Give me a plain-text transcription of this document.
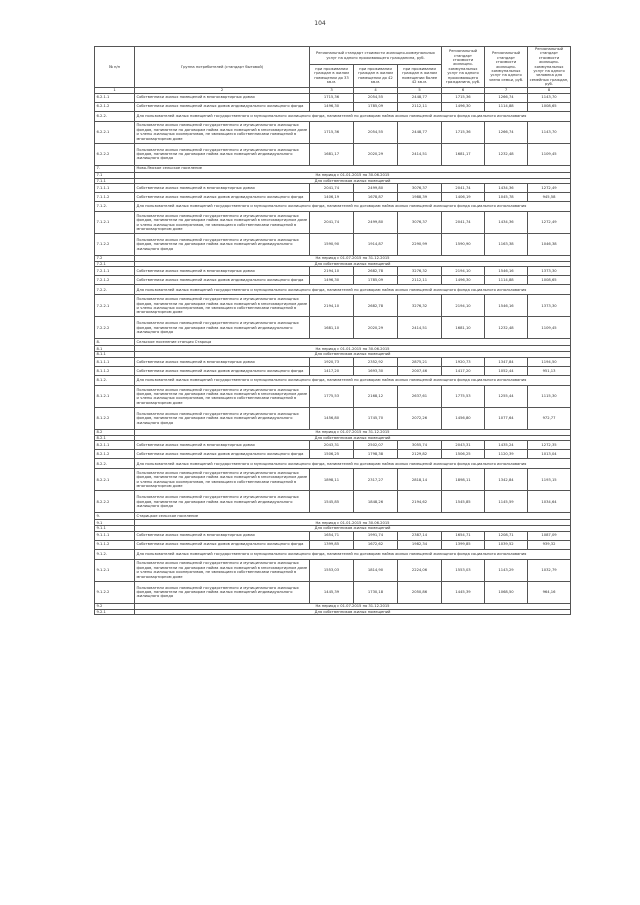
104
№ п/п	Группа потребителей (стандарт бытовой)	Региональный стандарт стоимости жилищно-коммунальных услуг на одного проживающего гражданина, руб.			Региональный стандарт стоимости жилищно-коммунальных услуг на одного проживающего гражданина, руб.	Региональный стандарт стоимости жилищно-коммунальных услуг на одного члена семьи, руб.	Региональный стандарт стоимости жилищно-коммунальных услуг на одного человека для семейных граждан, руб.
		при проживании граждан в жилом помещении до 33 кв.м.	при проживании граждан в жилом помещении до 42 кв.м.	при проживании граждан в жилом помещении более 42 кв.м.			
1	2	3	4	5	6	7	8
6.2.1.1	Собственники жилых помещений в многоквартирных домах	1715,36	2054,55	2448,77	1715,36	1266,74	1143,70
6.2.1.2	Собственники жилых помещений жилых домов индивидуального жилищного фонда	1496,30	1785,09	2112,11	1496,30	1114,88	1008,65
6.2.2.	Для пользователей жилых помещений государственного и муниципального жилищного фонда, нанимателей по договорам найма жилых помещений жилищного фонда социального использования						
6.2.2.1	Пользователи жилых помещений государственного и муниципального жилищных фондов, наниматели по договорам найма жилых помещений в многоквартирном доме и члены жилищных кооперативов, не являющиеся собственниками помещений в многоквартирном доме	1715,36	2054,55	2448,77	1715,36	1266,74	1143,70
6.2.2.2	Пользователи жилых помещений государственного и муниципального жилищных фондов, наниматели по договорам найма жилых помещений индивидуального жилищного фонда	1681,17	2020,29	2414,51	1681,17	1232,48	1109,45
7.	Ново-Ямское сельское поселение						
7.1	На период с 01.01.2015 по 30.06.2015						
7.1.1	Для собственников жилых помещений						
7.1.1.1	Собственники жилых помещений в многоквартирных домах	2041,74	2499,80	3076,37	2041,74	1434,36	1272,49
7.1.1.2	Собственники жилых помещений жилых домов индивидуального жилищного фонда	1406,19	1678,87	1988,39	1406,19	1045,78	945,58
7.1.2.	Для пользователей жилых помещений государственного и муниципального жилищного фонда, нанимателей по договорам найма жилых помещений жилищного фонда социального использования						
7.1.2.1	Пользователи жилых помещений государственного и муниципального жилищных фондов, наниматели по договорам найма жилых помещений в многоквартирном доме и члены жилищных кооперативов, не являющиеся собственниками помещений в многоквартирном доме	2041,74	2499,80	3076,37	2041,74	1434,36	1272,49
7.1.2.2	Пользователи жилых помещений государственного и муниципального жилищных фондов, наниматели по договорам найма жилых помещений индивидуального жилищного фонда	1590,90	1914,87	2290,99	1590,90	1163,38	1046,38
7.2	На период с 01.07.2015 по 31.12.2015						
7.2.1	Для собственников жилых помещений						
7.2.1.1	Собственники жилых помещений в многоквартирных домах	2194,10	2682,78	3276,32	2194,10	1546,16	1373,30
7.2.1.2	Собственники жилых помещений жилых домов индивидуального жилищного фонда	1496,30	1785,09	2112,11	1496,30	1114,88	1008,65
7.2.2.	Для пользователей жилых помещений государственного и муниципального жилищного фонда, нанимателей по договорам найма жилых помещений жилищного фонда социального использования						
7.2.2.1	Пользователи жилых помещений государственного и муниципального жилищных фондов, наниматели по договорам найма жилых помещений в многоквартирном доме и члены жилищных кооперативов, не являющиеся собственниками помещений в многоквартирном доме	2194,10	2682,78	3276,32	2194,10	1546,16	1373,30
7.2.2.2	Пользователи жилых помещений государственного и муниципального жилищных фондов, наниматели по договорам найма жилых помещений индивидуального жилищного фонда	1681,10	2020,29	2414,51	1681,10	1232,48	1109,45
8.	Сельское поселение станция Старица						
8.1	На период с 01.01.2015 по 30.06.2015						
8.1.1	Для собственников жилых помещений						
8.1.1.1	Собственники жилых помещений в многоквартирных домах	1920,73	2352,92	2875,21	1920,73	1347,84	1194,50
8.1.1.2	Собственники жилых помещений жилых домов индивидуального жилищного фонда	1417,20	1693,30	2007,46	1417,20	1052,44	951,13
8.1.2.	Для пользователей жилых помещений государственного и муниципального жилищного фонда, нанимателей по договорам найма жилых помещений жилищного фонда социального использования						
8.1.2.1	Пользователи жилых помещений государственного и муниципального жилищных фондов, наниматели по договорам найма жилых помещений в многоквартирном доме и члены жилищных кооперативов, не являющиеся собственниками помещений в многоквартирном доме	1775,53	2168,12	2637,61	1775,53	1255,44	1115,30
8.1.2.2	Пользователи жилых помещений государственного и муниципального жилищных фондов, наниматели по договорам найма жилых помещений индивидуального жилищного фонда	1456,80	1745,70	2072,26	1456,80	1077,64	972,77
8.2	На период с 01.07.2015 по 31.12.2015						
8.2.1	Для собственников жилых помещений						
8.2.1.1	Собственники жилых помещений в многоквартирных домах	2043,31	2502,07	3055,74	2043,31	1435,24	1272,35
8.2.1.2	Собственники жилых помещений жилых домов индивидуального жилищного фонда	1506,25	1798,38	2129,82	1506,25	1120,39	1013,04
8.2.2.	Для пользователей жилых помещений государственного и муниципального жилищного фонда, нанимателей по договорам найма жилых помещений жилищного фонда социального использования						
8.2.2.1	Пользователи жилых помещений государственного и муниципального жилищных фондов, наниматели по договорам найма жилых помещений в многоквартирном доме и члены жилищных кооперативов, не являющиеся собственниками помещений в многоквартирном доме	1898,11	2317,27	2818,14	1898,11	1342,84	1193,15
8.2.2.2	Пользователи жилых помещений государственного и муниципального жилищных фондов, наниматели по договорам найма жилых помещений индивидуального жилищного фонда	1545,85	1848,26	2194,62	1545,85	1145,59	1034,64
9.	Старицкое сельское поселение						
9.1	На период с 01.01.2015 по 30.06.2015						
9.1.1	Для собственников жилых помещений						
9.1.1.1	Собственники жилых помещений в многоквартирных домах	1654,71	1991,74	2387,14	1654,71	1208,71	1087,09
9.1.1.2	Собственники жилых помещений жилых домов индивидуального жилищного фонда	1399,85	1672,62	1982,34	1399,85	1039,52	939,32
9.1.2.	Для пользователей жилых помещений государственного и муниципального жилищного фонда, нанимателей по договорам найма жилых помещений жилищного фонда социального использования						
9.1.2.1	Пользователи жилых помещений государственного и муниципального жилищных фондов, наниматели по договорам найма жилых помещений в многоквартирном доме и члены жилищных кооперативов, не являющиеся собственниками помещений в многоквартирном доме	1553,03	1814,90	2224,06	1553,03	1143,29	1032,79
9.1.2.2	Пользователи жилых помещений государственного и муниципального жилищных фондов, наниматели по договорам найма жилых помещений индивидуального жилищного фонда	1445,39	1730,18	2050,86	1445,39	1068,50	964,16
9.2	На период с 01.07.2015 по 31.12.2015						
9.2.1	Для собственников жилых помещений						
